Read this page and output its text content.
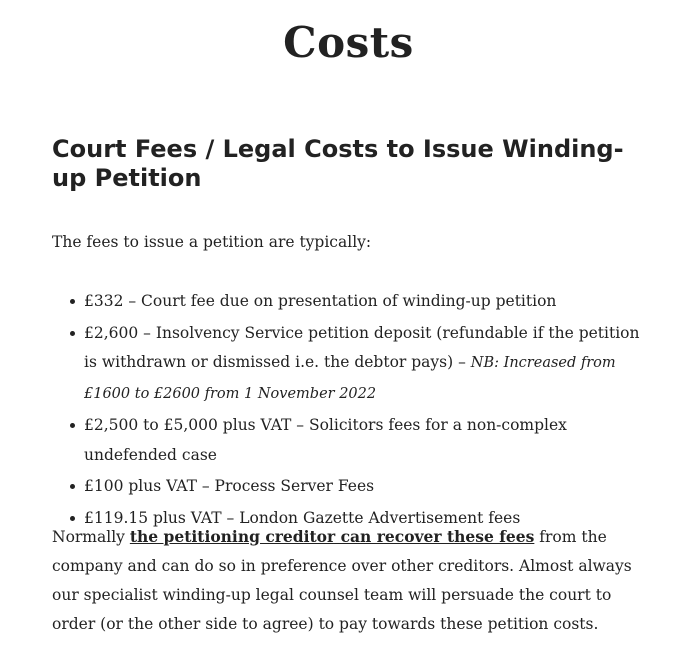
Costs
Court Fees / Legal Costs to Issue Winding-up Petition

The fees to issue a petition are typically:

£332 – Court fee due on presentation of winding-up petition
£2,600 – Insolvency Service petition deposit (refundable if the petition is withdrawn or dismissed i.e. the debtor pays) – NB: Increased from £1600 to £2600 from 1 November 2022
£2,500 to £5,000 plus VAT – Solicitors fees for a non-complex undefended case
£100 plus VAT – Process Server Fees
£119.15 plus VAT – London Gazette Advertisement fees

Normally the petitioning creditor can recover these fees from the company and can do so in preference over other creditors. Almost always our specialist winding-up legal counsel team will persuade the court to order (or the other side to agree) to pay towards these petition costs.
